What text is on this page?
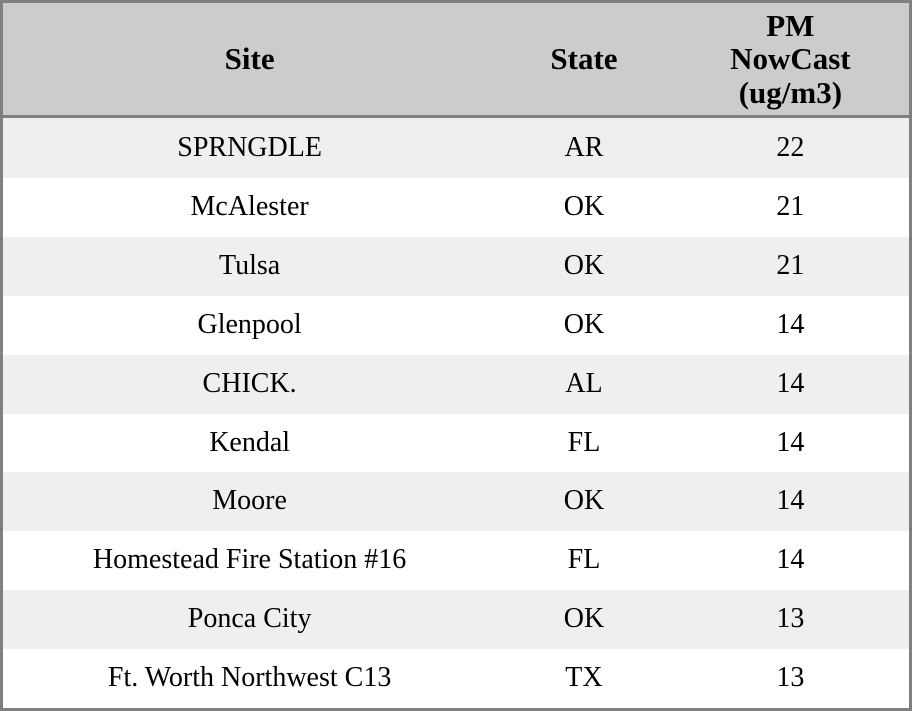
Site	State	PM
NowCast
(ug/m3)

SPRNGDLE	AR	22
McAlester	OK	21
Tulsa	OK	21
Glenpool	OK	14
CHICK.	AL	14
Kendal	FL	14
Moore	OK	14
Homestead Fire Station #16	FL	14
Ponca City	OK	13
Ft. Worth Northwest C13	TX	13
